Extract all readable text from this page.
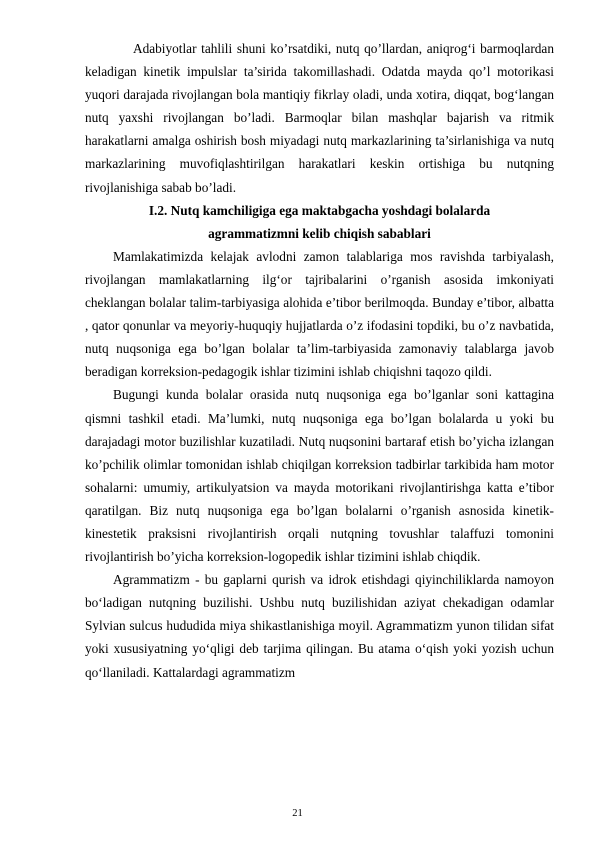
Adabiyotlar tahlili shuni ko’rsatdiki, nutq qo’llardan, aniqrog‘i barmoqlardan keladigan kinetik impulslar ta’sirida takomillashadi. Odatda mayda qo’l motorikasi yuqori darajada rivojlangan bola mantiqiy fikrlay oladi, unda xotira, diqqat, bog‘langan nutq yaxshi rivojlangan bo’ladi. Barmoqlar bilan mashqlar bajarish va ritmik harakatlarni amalga oshirish bosh miyadagi nutq markazlarining ta’sirlanishiga va nutq markazlarining muvofiqlashtirilgan harakatlari keskin ortishiga bu nutqning rivojlanishiga sabab bo’ladi.

I.2. Nutq kamchiligiga ega maktabgacha yoshdagi bolalarda

agrammatizmni kelib chiqish sabablari

Mamlakatimizda kelajak avlodni zamon talablariga mos ravishda tarbiyalash, rivojlangan mamlakatlarning ilg‘or tajribalarini o’rganish asosida imkoniyati cheklangan bolalar talim-tarbiyasiga alohida e’tibor berilmoqda. Bunday e’tibor, albatta , qator qonunlar va meyoriy-huquqiy hujjatlarda o’z ifodasini topdiki, bu o’z navbatida, nutq nuqsoniga ega bo’lgan bolalar ta’lim-tarbiyasida zamonaviy talablarga javob beradigan korreksion-pedagogik ishlar tizimini ishlab chiqishni taqozo qildi.

Bugungi kunda bolalar orasida nutq nuqsoniga ega bo’lganlar soni kattagina qismni tashkil etadi. Ma’lumki, nutq nuqsoniga ega bo’lgan bolalarda u yoki bu darajadagi motor buzilishlar kuzatiladi. Nutq nuqsonini bartaraf etish bo’yicha izlangan ko’pchilik olimlar tomonidan ishlab chiqilgan korreksion tadbirlar tarkibida ham motor sohalarni: umumiy, artikulyatsion va mayda motorikani rivojlantirishga katta e’tibor qaratilgan. Biz nutq nuqsoniga ega bo’lgan bolalarni o’rganish asnosida kinetik-kinestetik praksisni rivojlantirish orqali nutqning tovushlar talaffuzi tomonini rivojlantirish bo’yicha korreksion-logopedik ishlar tizimini ishlab chiqdik.

Agrammatizm - bu gaplarni qurish va idrok etishdagi qiyinchiliklarda namoyon bo‘ladigan nutqning buzilishi. Ushbu nutq buzilishidan aziyat chekadigan odamlar Sylvian sulcus hududida miya shikastlanishiga moyil. Agrammatizm yunon tilidan sifat yoki xususiyatning yo‘qligi deb tarjima qilingan. Bu atama o‘qish yoki yozish uchun qo‘llaniladi. Kattalardagi agrammatizm

21
